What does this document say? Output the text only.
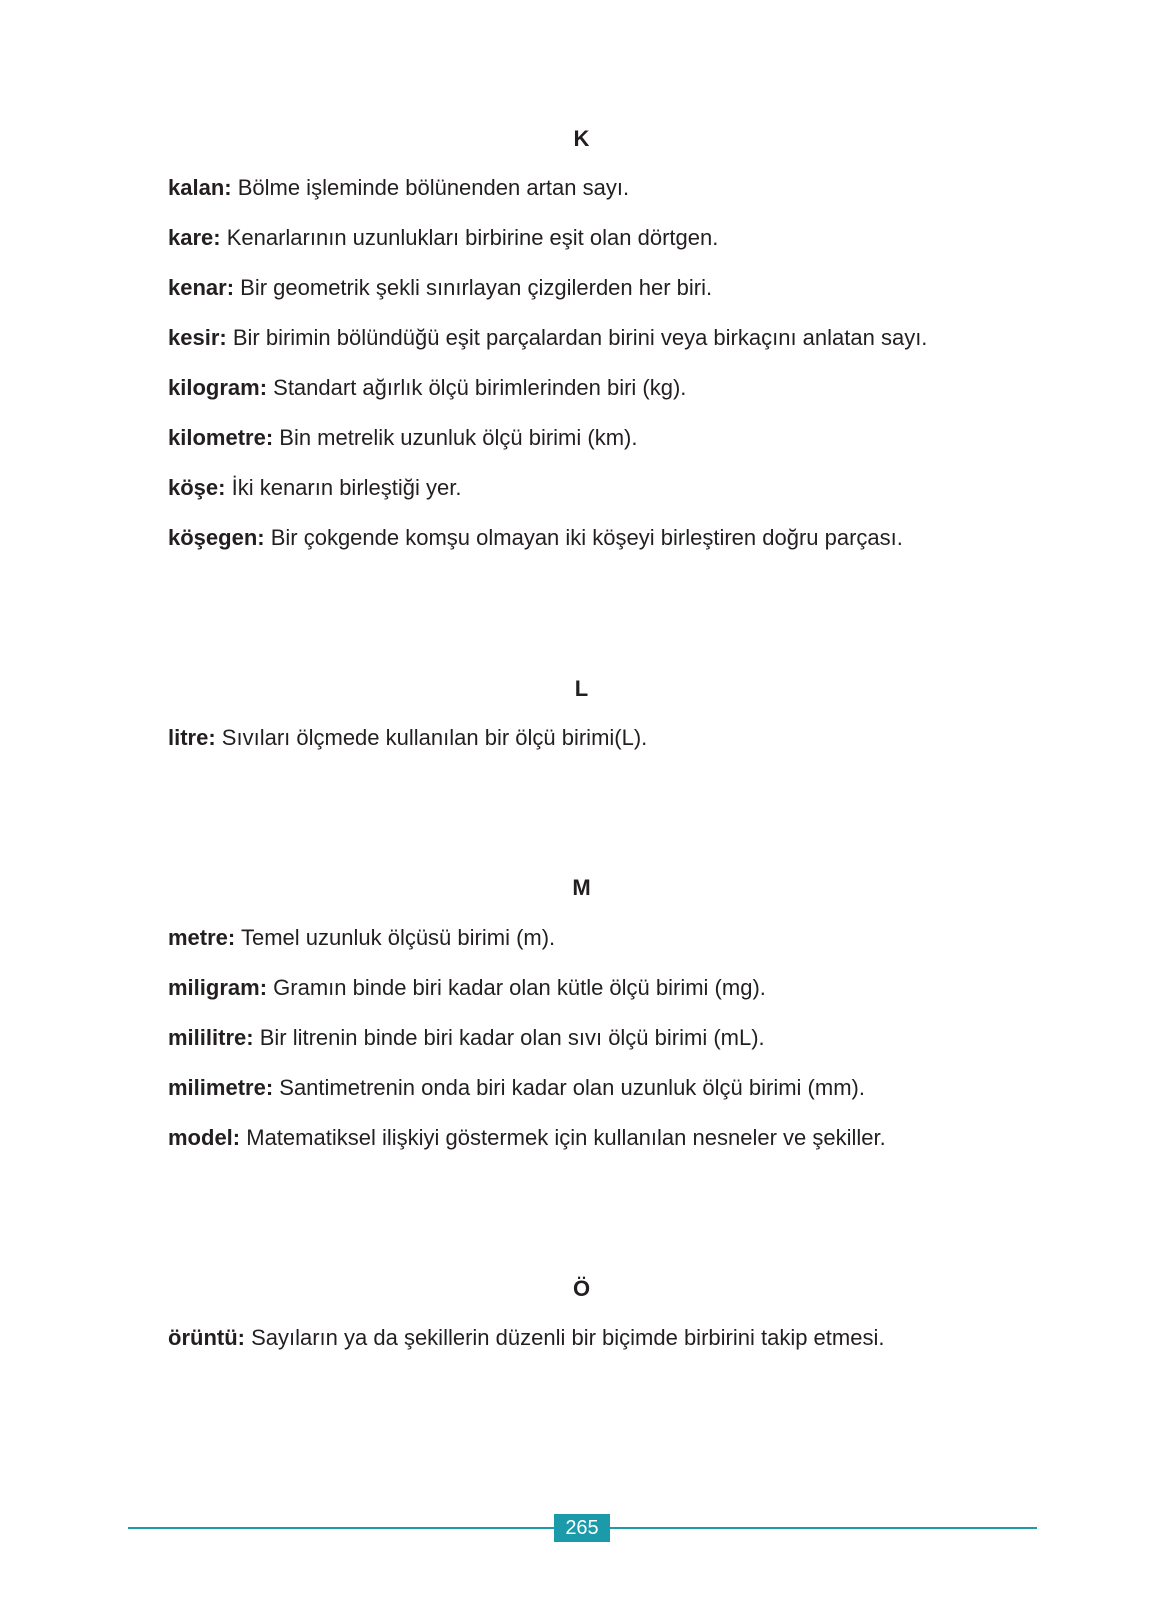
K

kalan: Bölme işleminde bölünenden artan sayı.

kare: Kenarlarının uzunlukları birbirine eşit olan dörtgen.

kenar: Bir geometrik şekli sınırlayan çizgilerden her biri.

kesir: Bir birimin bölündüğü eşit parçalardan birini veya birkaçını anlatan sayı.

kilogram: Standart ağırlık ölçü birimlerinden biri (kg).

kilometre: Bin metrelik uzunluk ölçü birimi (km).

köşe: İki kenarın birleştiği yer.

köşegen: Bir çokgende komşu olmayan iki köşeyi birleştiren doğru parçası.

L

litre: Sıvıları ölçmede kullanılan bir ölçü birimi(L).

M

metre: Temel uzunluk ölçüsü birimi (m).

miligram: Gramın binde biri kadar olan kütle ölçü birimi (mg).

mililitre: Bir litrenin binde biri kadar olan sıvı ölçü birimi (mL).

milimetre: Santimetrenin onda biri kadar olan uzunluk ölçü birimi (mm).

model: Matematiksel ilişkiyi göstermek için kullanılan nesneler ve şekiller.

Ö

örüntü: Sayıların ya da şekillerin düzenli bir biçimde birbirini takip etmesi.

265
